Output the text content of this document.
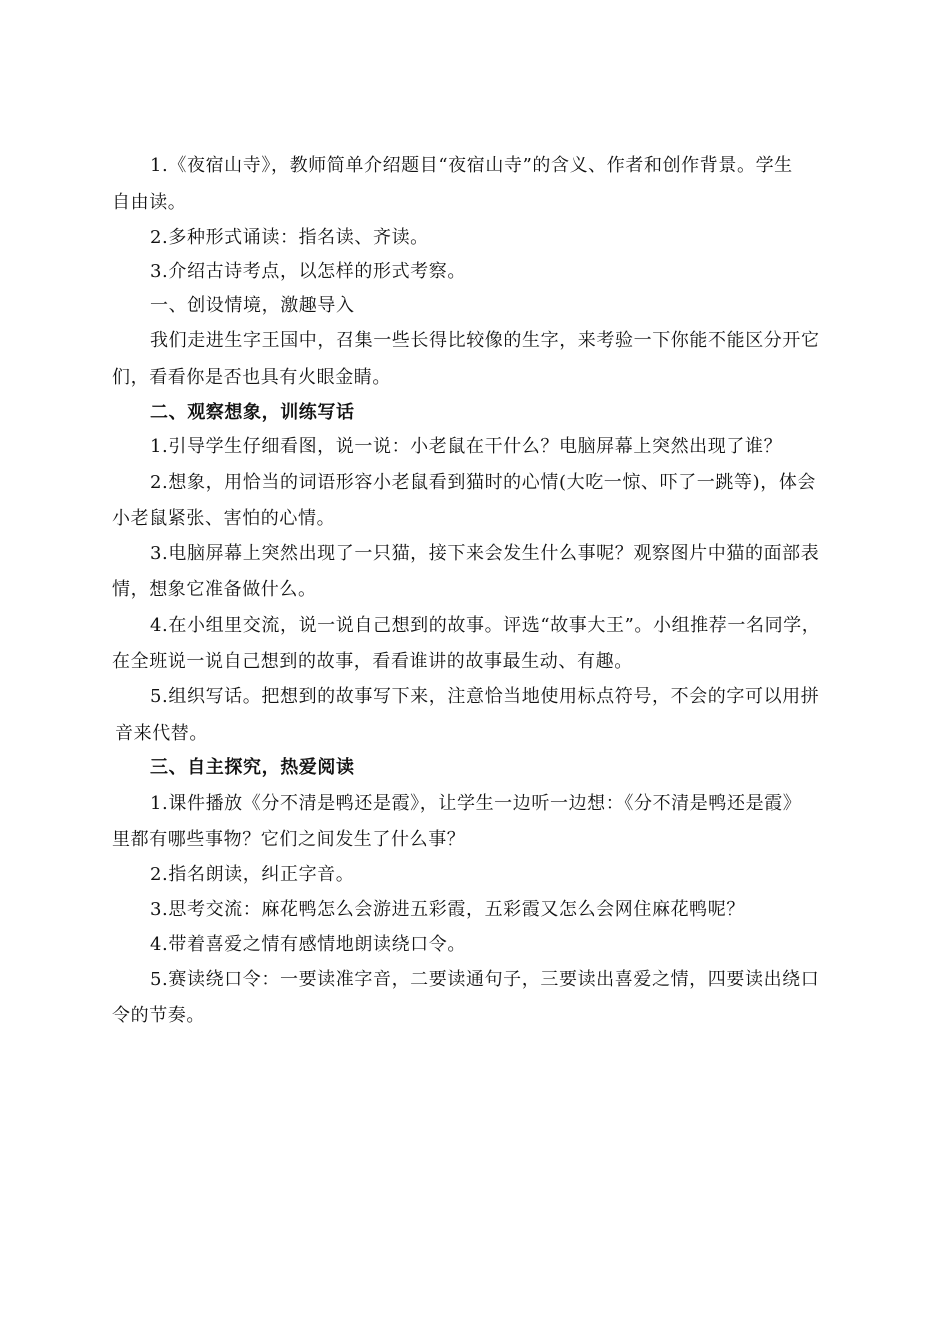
1.《夜宿山寺》，教师简单介绍题目“夜宿山寺”的含义、作者和创作背景。学生
自由读。
2.多种形式诵读：指名读、齐读。
3.介绍古诗考点，以怎样的形式考察。
一、创设情境，激趣导入
我们走进生字王国中，召集一些长得比较像的生字，来考验一下你能不能区分开它
们，看看你是否也具有火眼金睛。
二、观察想象，训练写话
1.引导学生仔细看图，说一说：小老鼠在干什么？电脑屏幕上突然出现了谁？
2.想象，用恰当的词语形容小老鼠看到猫时的心情(大吃一惊、吓了一跳等)，体会
小老鼠紧张、害怕的心情。
3.电脑屏幕上突然出现了一只猫，接下来会发生什么事呢？观察图片中猫的面部表
情，想象它准备做什么。
4.在小组里交流，说一说自己想到的故事。评选“故事大王”。小组推荐一名同学，
在全班说一说自己想到的故事，看看谁讲的故事最生动、有趣。
5.组织写话。把想到的故事写下来，注意恰当地使用标点符号，不会的字可以用拼
音来代替。
三、自主探究，热爱阅读
1.课件播放《分不清是鸭还是霞》，让学生一边听一边想：《分不清是鸭还是霞》
里都有哪些事物？它们之间发生了什么事？
2.指名朗读，纠正字音。
3.思考交流：麻花鸭怎么会游进五彩霞，五彩霞又怎么会网住麻花鸭呢？
4.带着喜爱之情有感情地朗读绕口令。
5.赛读绕口令：一要读准字音，二要读通句子，三要读出喜爱之情，四要读出绕口
令的节奏。
